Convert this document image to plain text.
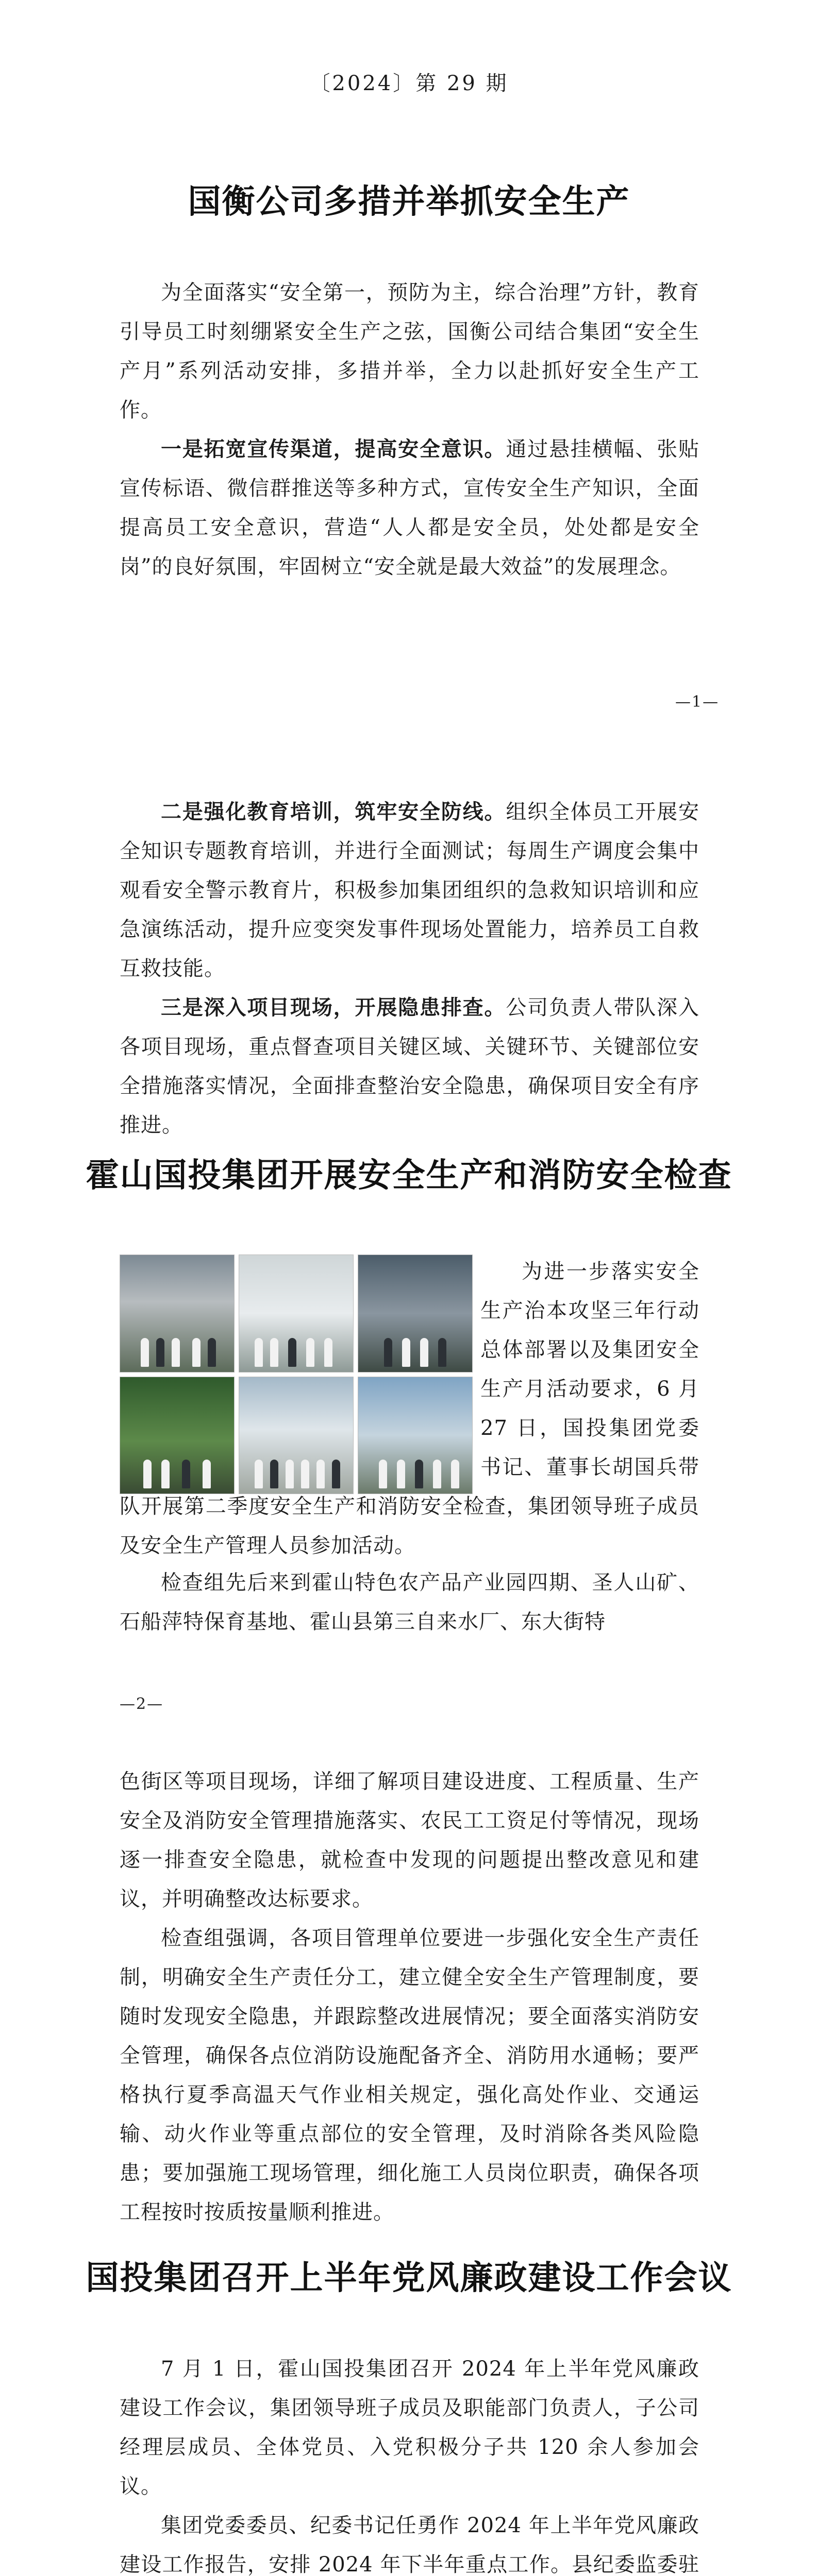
〔2024〕第 29 期
国衡公司多措并举抓安全生产

为全面落实“安全第一，预防为主，综合治理”方针，教育引导员工时刻绷紧安全生产之弦，国衡公司结合集团“安全生产月”系列活动安排，多措并举，全力以赴抓好安全生产工作。

一是拓宽宣传渠道，提高安全意识。通过悬挂横幅、张贴宣传标语、微信群推送等多种方式，宣传安全生产知识，全面提高员工安全意识，营造“人人都是安全员，处处都是安全岗”的良好氛围，牢固树立“安全就是最大效益”的发展理念。

—1—

二是强化教育培训，筑牢安全防线。组织全体员工开展安全知识专题教育培训，并进行全面测试；每周生产调度会集中观看安全警示教育片，积极参加集团组织的急救知识培训和应急演练活动，提升应变突发事件现场处置能力，培养员工自救互救技能。

三是深入项目现场，开展隐患排查。公司负责人带队深入各项目现场，重点督查项目关键区域、关键环节、关键部位安全措施落实情况，全面排查整治安全隐患，确保项目安全有序推进。

霍山国投集团开展安全生产和消防安全检查

为进一步落实安全生产治本攻坚三年行动总体部署以及集团安全生产月活动要求，6 月 27 日，国投集团党委书记、董事长胡国兵带队开展第二季度安全生产和消防安全检查，集团领导班子成员及安全生产管理人员参加活动。

检查组先后来到霍山特色农产品产业园四期、圣人山矿、石船萍特保育基地、霍山县第三自来水厂、东大街特

—2—

色街区等项目现场，详细了解项目建设进度、工程质量、生产安全及消防安全管理措施落实、农民工工资足付等情况，现场逐一排查安全隐患，就检查中发现的问题提出整改意见和建议，并明确整改达标要求。

检查组强调，各项目管理单位要进一步强化安全生产责任制，明确安全生产责任分工，建立健全安全生产管理制度，要随时发现安全隐患，并跟踪整改进展情况；要全面落实消防安全管理，确保各点位消防设施配备齐全、消防用水通畅；要严格执行夏季高温天气作业相关规定，强化高处作业、交通运输、动火作业等重点部位的安全管理，及时消除各类风险隐患；要加强施工现场管理，细化施工人员岗位职责，确保各项工程按时按质按量顺利推进。

国投集团召开上半年党风廉政建设工作会议

7 月 1 日，霍山国投集团召开 2024 年上半年党风廉政建设工作会议，集团领导班子成员及职能部门负责人，子公司经理层成员、全体党员、入党积极分子共 120 余人参加会议。

集团党委委员、纪委书记任勇作 2024 年上半年党风廉政建设工作报告，安排 2024 年下半年重点工作。县纪委监委驻
